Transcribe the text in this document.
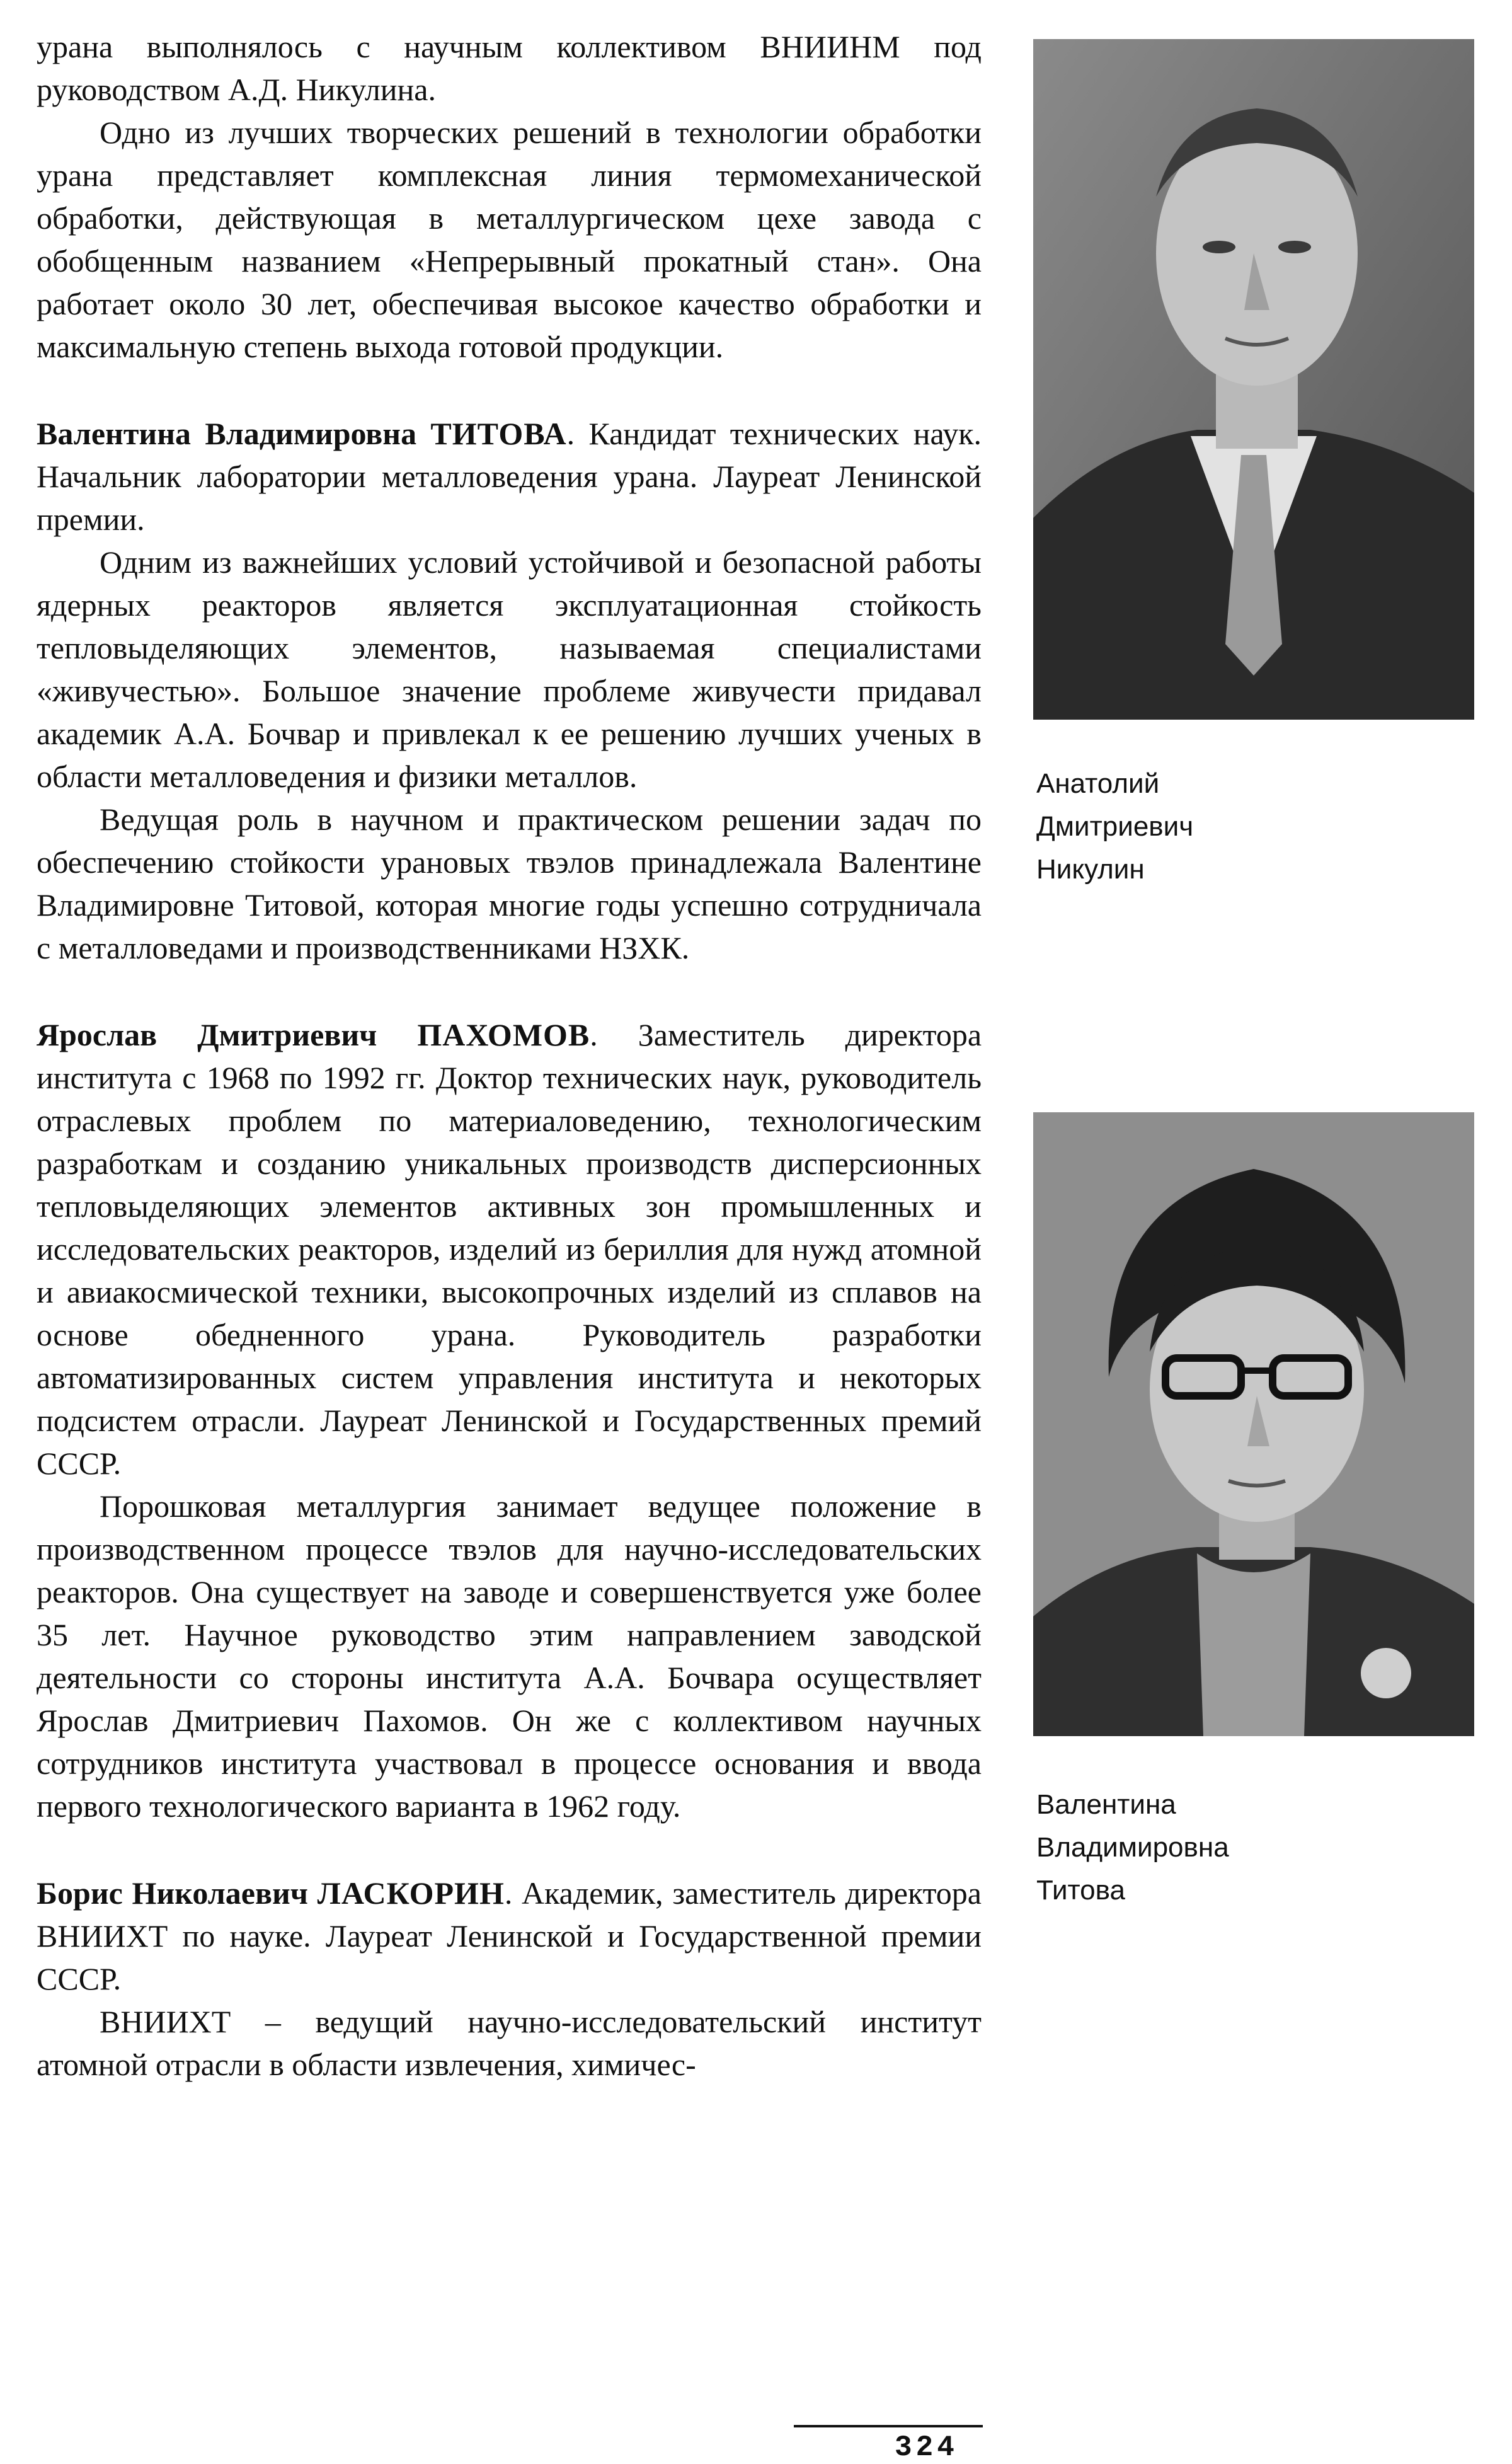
урана выполнялось с научным коллективом ВНИИНМ под руководством А.Д. Никулина.

Одно из лучших творческих решений в технологии обработки урана представляет комплексная линия термомеханической обработки, действующая в металлургическом цехе завода с обобщенным названием «Непрерывный прокатный стан». Она работает около 30 лет, обеспечивая высокое качество обработки и максимальную степень выхода готовой продукции.

Валентина Владимировна ТИТОВА. Кандидат технических наук. Начальник лаборатории металловедения урана. Лауреат Ленинской премии.

Одним из важнейших условий устойчивой и безопасной работы ядерных реакторов является эксплуатационная стойкость тепловыделяющих элементов, называемая специалистами «живучестью». Большое значение проблеме живучести придавал академик А.А. Бочвар и привлекал к ее решению лучших ученых в области металловедения и физики металлов.

Ведущая роль в научном и практическом решении задач по обеспечению стойкости урановых твэлов принадлежала Валентине Владимировне Титовой, которая многие годы успешно сотрудничала с металловедами и производственниками НЗХК.

Ярослав Дмитриевич ПАХОМОВ. Заместитель директора института с 1968 по 1992 гг. Доктор технических наук, руководитель отраслевых проблем по материаловедению, технологическим разработкам и созданию уникальных производств дисперсионных тепловыделяющих элементов активных зон промышленных и исследовательских реакторов, изделий из бериллия для нужд атомной и авиакосмической техники, высокопрочных изделий из сплавов на основе обедненного урана. Руководитель разработки автоматизированных систем управления института и некоторых подсистем отрасли. Лауреат Ленинской и Государственных премий СССР.

Порошковая металлургия занимает ведущее положение в производственном процессе твэлов для научно-исследовательских реакторов. Она существует на заводе и совершенствуется уже более 35 лет. Научное руководство этим направлением заводской деятельности со стороны института А.А. Бочвара осуществляет Ярослав Дмитриевич Пахомов. Он же с коллективом научных сотрудников института участвовал в процессе основания и ввода первого технологического варианта в 1962 году.

Борис Николаевич ЛАСКОРИН. Академик, заместитель директора ВНИИХТ по науке. Лауреат Ленинской и Государственной премии СССР.

ВНИИХТ – ведущий научно-исследовательский институт атомной отрасли в области извлечения, химичес-

Анатолий
Дмитриевич
Никулин
Валентина
Владимировна
Титова
324
